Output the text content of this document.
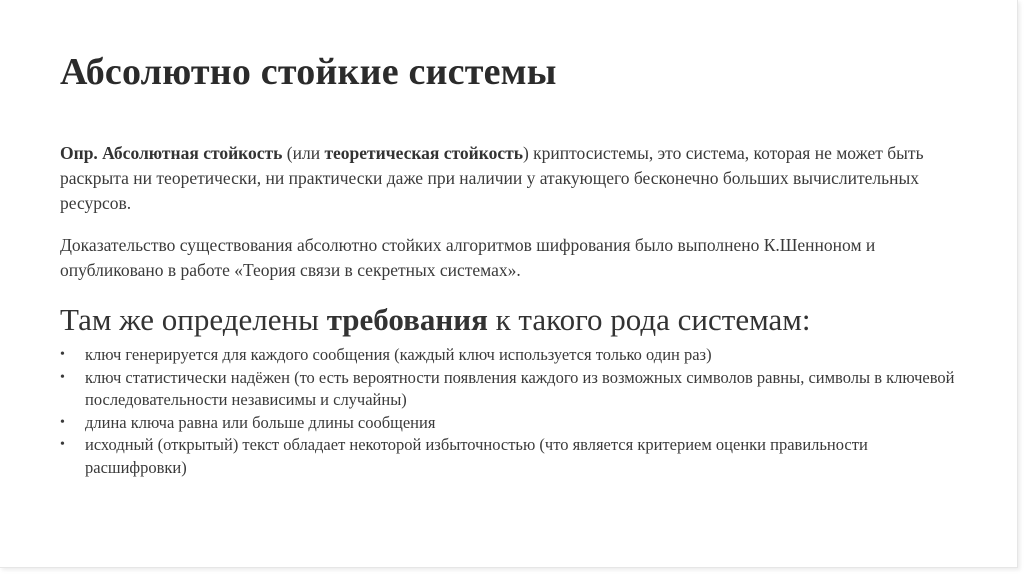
Абсолютно стойкие системы

Опр. Абсолютная стойкость (или теоретическая стойкость) криптосистемы, это система, которая не может быть раскрыта ни теоретически, ни практически даже при наличии у атакующего бесконечно больших вычислительных ресурсов.

Доказательство существования абсолютно стойких алгоритмов шифрования было выполнено К.Шенноном и опубликовано в работе «Теория связи в секретных системах».

Там же определены требования к такого рода системам:
• ключ генерируется для каждого сообщения (каждый ключ используется только один раз)
• ключ статистически надёжен (то есть вероятности появления каждого из возможных символов равны, символы в ключевой последовательности независимы и случайны)
• длина ключа равна или больше длины сообщения
• исходный (открытый) текст обладает некоторой избыточностью (что является критерием оценки правильности расшифровки)
